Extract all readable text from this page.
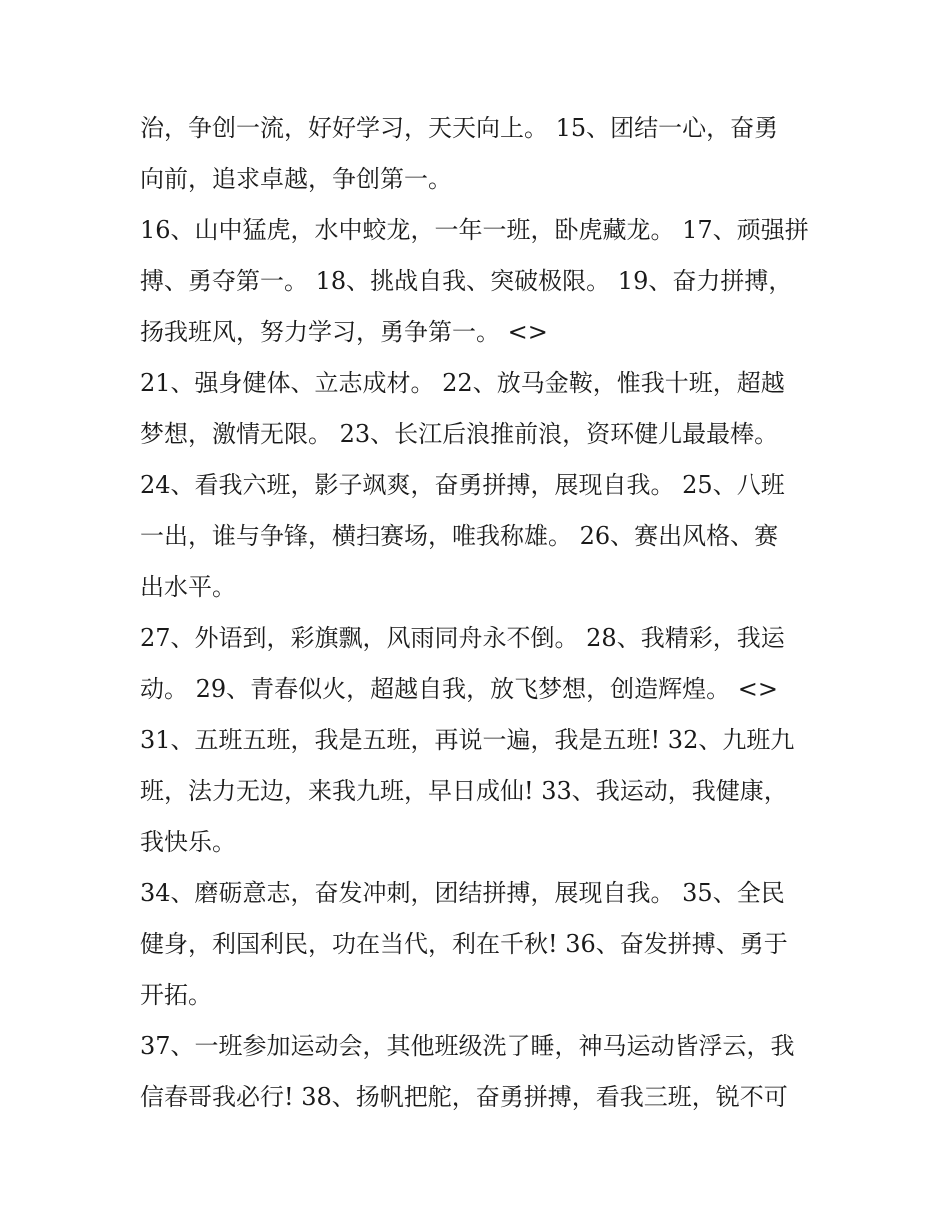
治，争创一流，好好学习，天天向上。 15、团结一心，奋勇
向前，追求卓越，争创第一。
16、山中猛虎，水中蛟龙，一年一班，卧虎藏龙。 17、顽强拼
搏、勇夺第一。 18、挑战自我、突破极限。 19、奋力拼搏，
扬我班风，努力学习，勇争第一。 <>
21、强身健体、立志成材。 22、放马金鞍，惟我十班，超越
梦想，激情无限。 23、长江后浪推前浪，资环健儿最最棒。
24、看我六班，影子飒爽，奋勇拼搏，展现自我。 25、八班
一出，谁与争锋，横扫赛场，唯我称雄。 26、赛出风格、赛
出水平。
27、外语到，彩旗飘，风雨同舟永不倒。 28、我精彩，我运
动。 29、青春似火，超越自我，放飞梦想，创造辉煌。 <>
31、五班五班，我是五班，再说一遍，我是五班! 32、九班九
班，法力无边，来我九班，早日成仙! 33、我运动，我健康，
我快乐。
34、磨砺意志，奋发冲刺，团结拼搏，展现自我。 35、全民
健身，利国利民，功在当代，利在千秋! 36、奋发拼搏、勇于
开拓。
37、一班参加运动会，其他班级洗了睡，神马运动皆浮云，我
信春哥我必行! 38、扬帆把舵，奋勇拼搏，看我三班，锐不可
